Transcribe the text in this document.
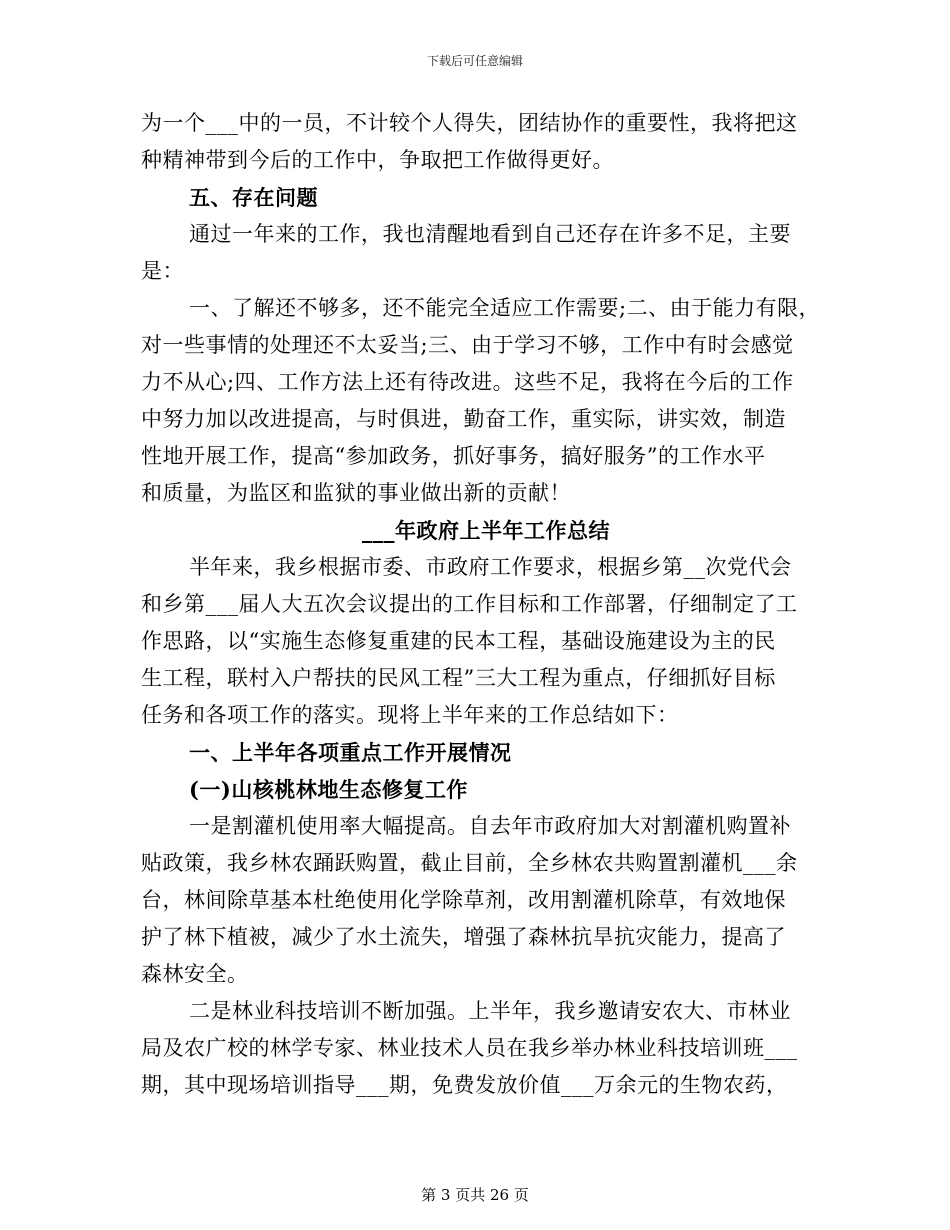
下载后可任意编辑
为一个___中的一员，不计较个人得失，团结协作的重要性，我将把这
种精神带到今后的工作中，争取把工作做得更好。
五、存在问题
通过一年来的工作，我也清醒地看到自己还存在许多不足，主要
是：
一、了解还不够多，还不能完全适应工作需要;二、由于能力有限，
对一些事情的处理还不太妥当;三、由于学习不够，工作中有时会感觉
力不从心;四、工作方法上还有待改进。这些不足，我将在今后的工作
中努力加以改进提高，与时俱进，勤奋工作，重实际，讲实效，制造
性地开展工作，提高“参加政务，抓好事务，搞好服务”的工作水平
和质量，为监区和监狱的事业做出新的贡献！
___年政府上半年工作总结
半年来，我乡根据市委、市政府工作要求，根据乡第__次党代会
和乡第___届人大五次会议提出的工作目标和工作部署，仔细制定了工
作思路，以“实施生态修复重建的民本工程，基础设施建设为主的民
生工程，联村入户帮扶的民风工程”三大工程为重点，仔细抓好目标
任务和各项工作的落实。现将上半年来的工作总结如下：
一、上半年各项重点工作开展情况
(一)山核桃林地生态修复工作
一是割灌机使用率大幅提高。自去年市政府加大对割灌机购置补
贴政策，我乡林农踊跃购置，截止目前，全乡林农共购置割灌机___余
台，林间除草基本杜绝使用化学除草剂，改用割灌机除草，有效地保
护了林下植被，减少了水土流失，增强了森林抗旱抗灾能力，提高了
森林安全。
二是林业科技培训不断加强。上半年，我乡邀请安农大、市林业
局及农广校的林学专家、林业技术人员在我乡举办林业科技培训班___
期，其中现场培训指导___期，免费发放价值___万余元的生物农药，
第 3 页共 26 页
